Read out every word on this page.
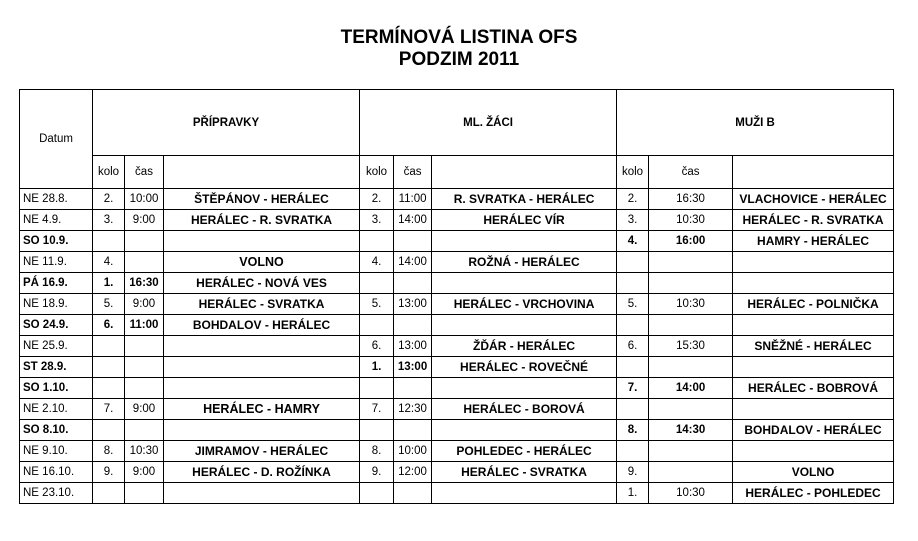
TERMÍNOVÁ LISTINA OFS
PODZIM 2011
Datum	PŘÍPRAVKY			ML. ŽÁCI			MUŽI B		
	kolo	čas		kolo	čas		kolo	čas	
NE 28.8.	2.	10:00	ŠTĚPÁNOV - HERÁLEC	2.	11:00	R. SVRATKA - HERÁLEC	2.	16:30	VLACHOVICE - HERÁLEC
NE 4.9.	3.	9:00	HERÁLEC - R. SVRATKA	3.	14:00	HERÁLEC VÍR	3.	10:30	HERÁLEC - R. SVRATKA
SO 10.9.							4.	16:00	HAMRY - HERÁLEC
NE 11.9.	4.		VOLNO	4.	14:00	ROŽNÁ - HERÁLEC			
PÁ 16.9.	1.	16:30	HERÁLEC - NOVÁ VES						
NE 18.9.	5.	9:00	HERÁLEC - SVRATKA	5.	13:00	HERÁLEC - VRCHOVINA	5.	10:30	HERÁLEC - POLNIČKA
SO 24.9.	6.	11:00	BOHDALOV - HERÁLEC						
NE 25.9.				6.	13:00	ŽĎÁR - HERÁLEC	6.	15:30	SNĚŽNÉ - HERÁLEC
ST 28.9.				1.	13:00	HERÁLEC - ROVEČNÉ			
SO 1.10.							7.	14:00	HERÁLEC - BOBROVÁ
NE 2.10.	7.	9:00	HERÁLEC - HAMRY	7.	12:30	HERÁLEC - BOROVÁ			
SO 8.10.							8.	14:30	BOHDALOV - HERÁLEC
NE 9.10.	8.	10:30	JIMRAMOV - HERÁLEC	8.	10:00	POHLEDEC - HERÁLEC			
NE 16.10.	9.	9:00	HERÁLEC - D. ROŽÍNKA	9.	12:00	HERÁLEC - SVRATKA	9.		VOLNO
NE 23.10.							1.	10:30	HERÁLEC - POHLEDEC
